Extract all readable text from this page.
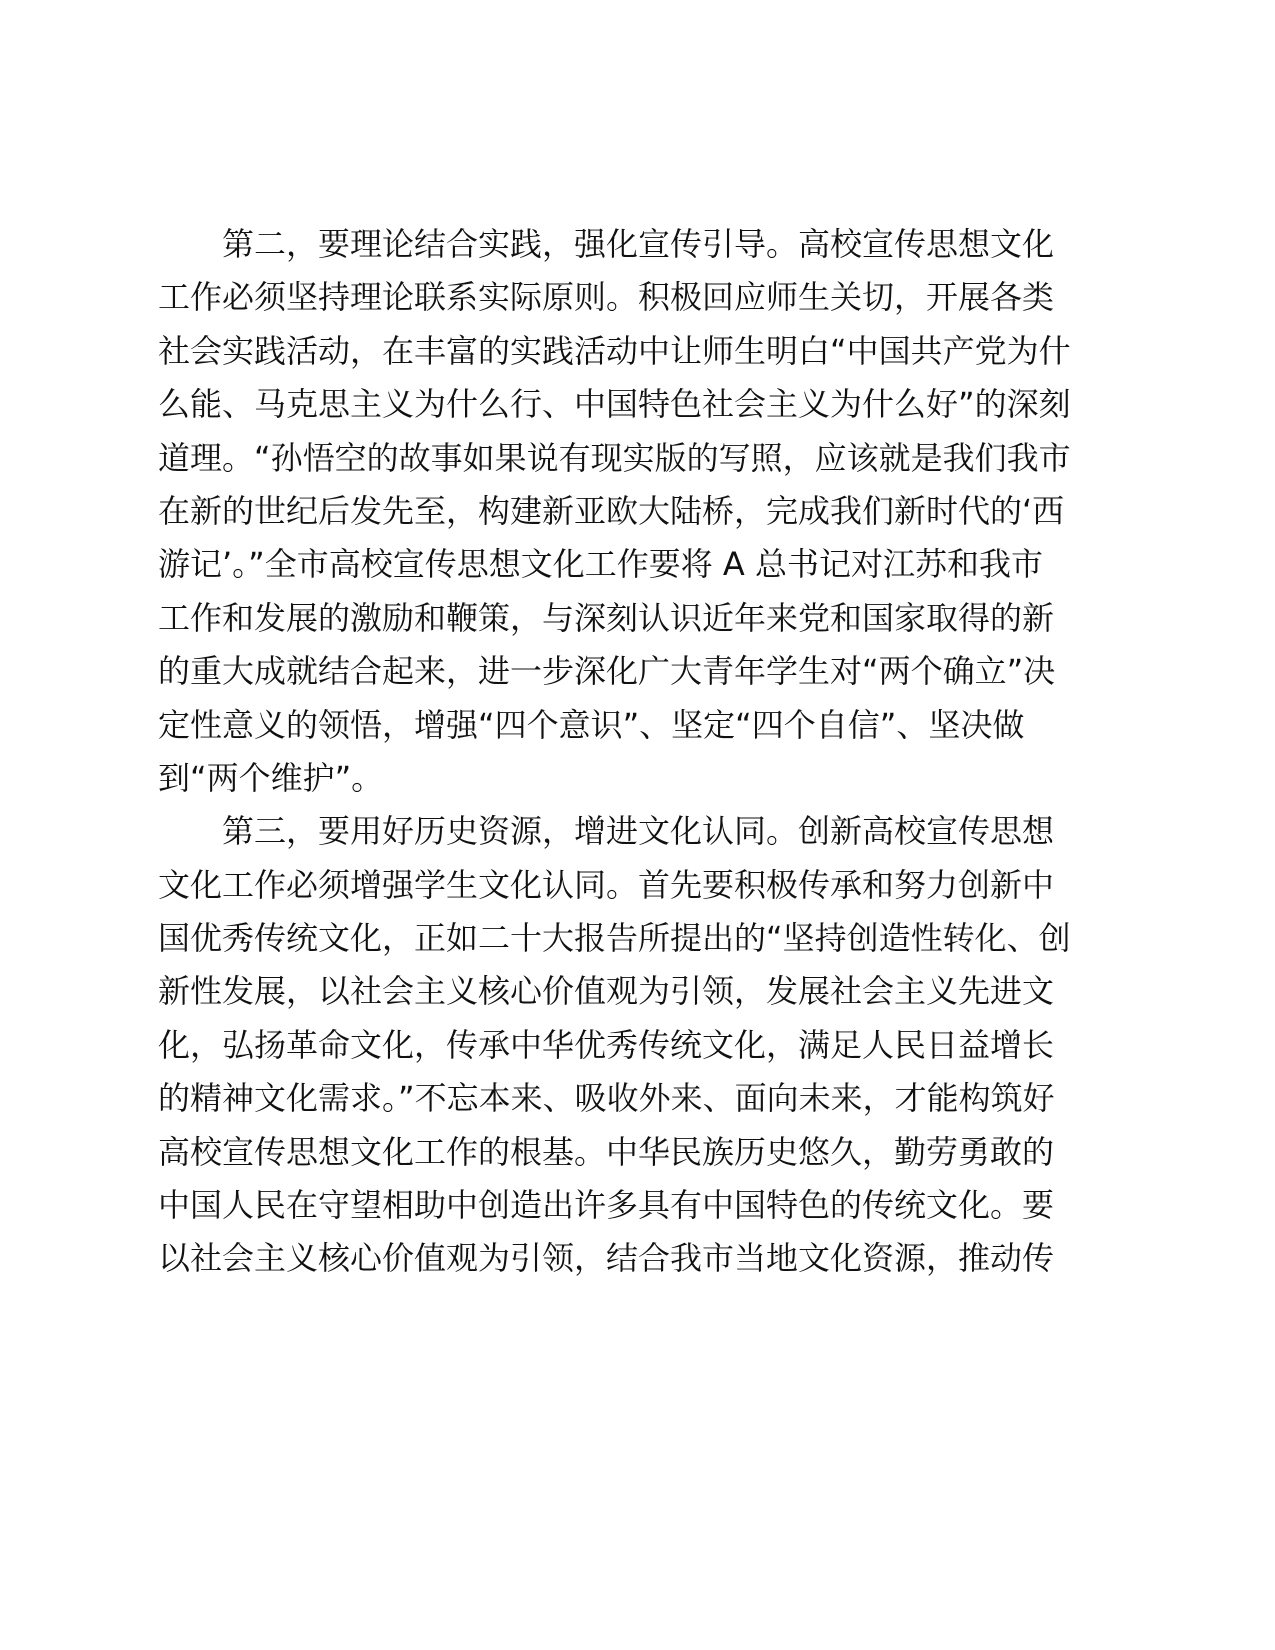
　　第二，要理论结合实践，强化宣传引导。高校宣传思想文化
工作必须坚持理论联系实际原则。积极回应师生关切，开展各类
社会实践活动，在丰富的实践活动中让师生明白“中国共产党为什
么能、马克思主义为什么行、中国特色社会主义为什么好”的深刻
道理。“孙悟空的故事如果说有现实版的写照，应该就是我们我市
在新的世纪后发先至，构建新亚欧大陆桥，完成我们新时代的‘西
游记’。”全市高校宣传思想文化工作要将 A 总书记对江苏和我市
工作和发展的激励和鞭策，与深刻认识近年来党和国家取得的新
的重大成就结合起来，进一步深化广大青年学生对“两个确立”决
定性意义的领悟，增强“四个意识”、坚定“四个自信”、坚决做
到“两个维护”。
　　第三，要用好历史资源，增进文化认同。创新高校宣传思想
文化工作必须增强学生文化认同。首先要积极传承和努力创新中
国优秀传统文化，正如二十大报告所提出的“坚持创造性转化、创
新性发展，以社会主义核心价值观为引领，发展社会主义先进文
化，弘扬革命文化，传承中华优秀传统文化，满足人民日益增长
的精神文化需求。”不忘本来、吸收外来、面向未来，才能构筑好
高校宣传思想文化工作的根基。中华民族历史悠久，勤劳勇敢的
中国人民在守望相助中创造出许多具有中国特色的传统文化。要
以社会主义核心价值观为引领，结合我市当地文化资源，推动传
